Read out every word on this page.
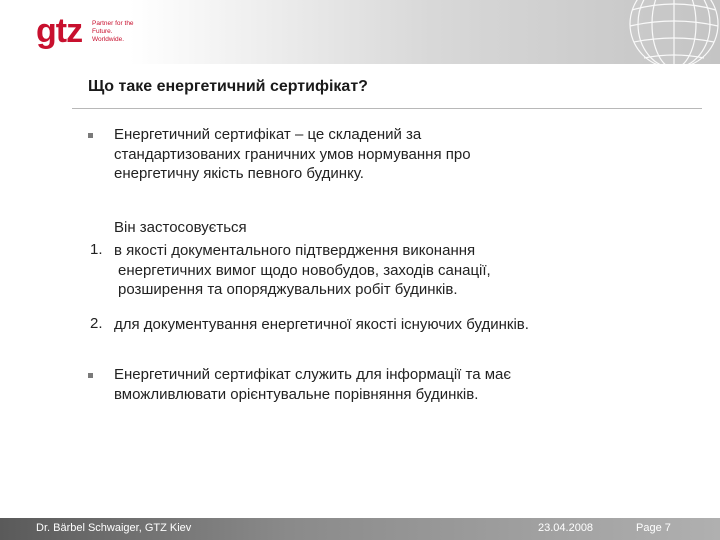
gtz Partner for the Future.
Worldwide.
Що таке енергетичний сертифікат?
Енергетичний сертифікат – це складений за
стандартизованих граничних умов нормування про
енергетичну якість певного будинку.
Він застосовується
1. в якості документального підтвердження виконання
енергетичних вимог щодо новобудов, заходів санації,
розширення та опоряджувальних робіт будинків.
2. для документування енергетичної якості існуючих будинків.
Енергетичний сертифікат служить для інформації та має
вможливлювати орієнтувальне порівняння будинків.
Dr. Bärbel Schwaiger, GTZ Kiev	23.04.2008	Page 7
